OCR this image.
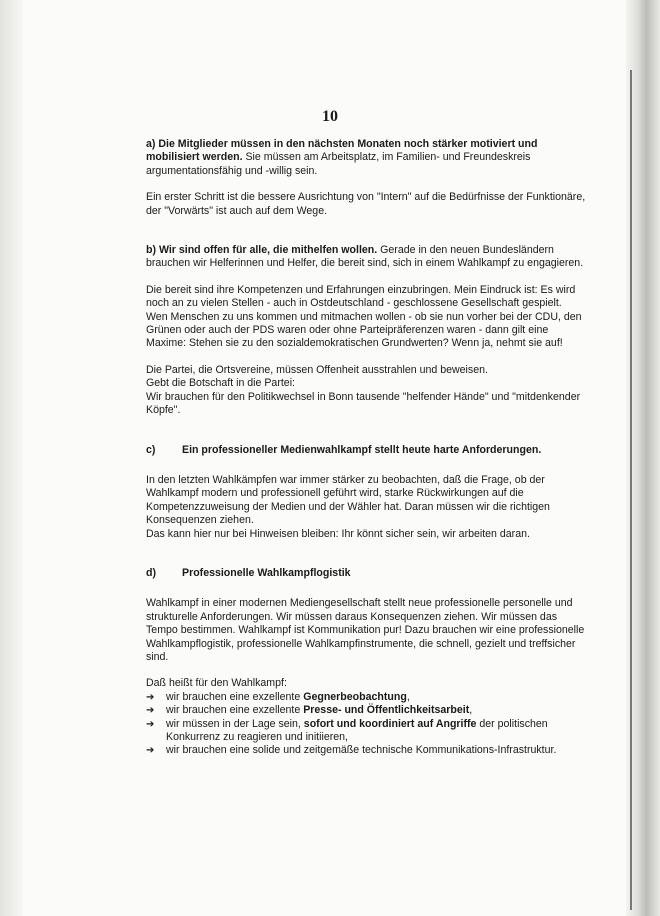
10

a) Die Mitglieder müssen in den nächsten Monaten noch stärker motiviert und mobilisiert werden. Sie müssen am Arbeitsplatz, im Familien- und Freundeskreis argumentationsfähig und -willig sein.

Ein erster Schritt ist die bessere Ausrichtung von "Intern" auf die Bedürfnisse der Funktionäre, der "Vorwärts" ist auch auf dem Wege.

b) Wir sind offen für alle, die mithelfen wollen. Gerade in den neuen Bundesländern brauchen wir Helferinnen und Helfer, die bereit sind, sich in einem Wahlkampf zu engagieren.

Die bereit sind ihre Kompetenzen und Erfahrungen einzubringen. Mein Eindruck ist: Es wird noch an zu vielen Stellen - auch in Ostdeutschland - geschlossene Gesellschaft gespielt. Wen Menschen zu uns kommen und mitmachen wollen - ob sie nun vorher bei der CDU, den Grünen oder auch der PDS waren oder ohne Parteipräferenzen waren - dann gilt eine Maxime: Stehen sie zu den sozialdemokratischen Grundwerten? Wenn ja, nehmt sie auf!

Die Partei, die Ortsvereine, müssen Offenheit ausstrahlen und beweisen.
Gebt die Botschaft in die Partei:
Wir brauchen für den Politikwechsel in Bonn tausende "helfender Hände" und "mitdenkender Köpfe".

c)	Ein professioneller Medienwahlkampf stellt heute harte Anforderungen.

In den letzten Wahlkämpfen war immer stärker zu beobachten, daß die Frage, ob der Wahlkampf modern und professionell geführt wird, starke Rückwirkungen auf die Kompetenzzuweisung der Medien und der Wähler hat. Daran müssen wir die richtigen Konsequenzen ziehen.
Das kann hier nur bei Hinweisen bleiben: Ihr könnt sicher sein, wir arbeiten daran.

d)	Professionelle Wahlkampflogistik

Wahlkampf in einer modernen Mediengesellschaft stellt neue professionelle personelle und strukturelle Anforderungen. Wir müssen daraus Konsequenzen ziehen. Wir müssen das Tempo bestimmen. Wahlkampf ist Kommunikation pur! Dazu brauchen wir eine professionelle Wahlkampflogistik, professionelle Wahlkampfinstrumente, die schnell, gezielt und treffsicher sind.

Daß heißt für den Wahlkampf:
➔	wir brauchen eine exzellente Gegnerbeobachtung,
➔	wir brauchen eine exzellente Presse- und Öffentlichkeitsarbeit,
➔	wir müssen in der Lage sein, sofort und koordiniert auf Angriffe der politischen Konkurrenz zu reagieren und initiieren,
➔	wir brauchen eine solide und zeitgemäße technische Kommunikations-Infrastruktur.
